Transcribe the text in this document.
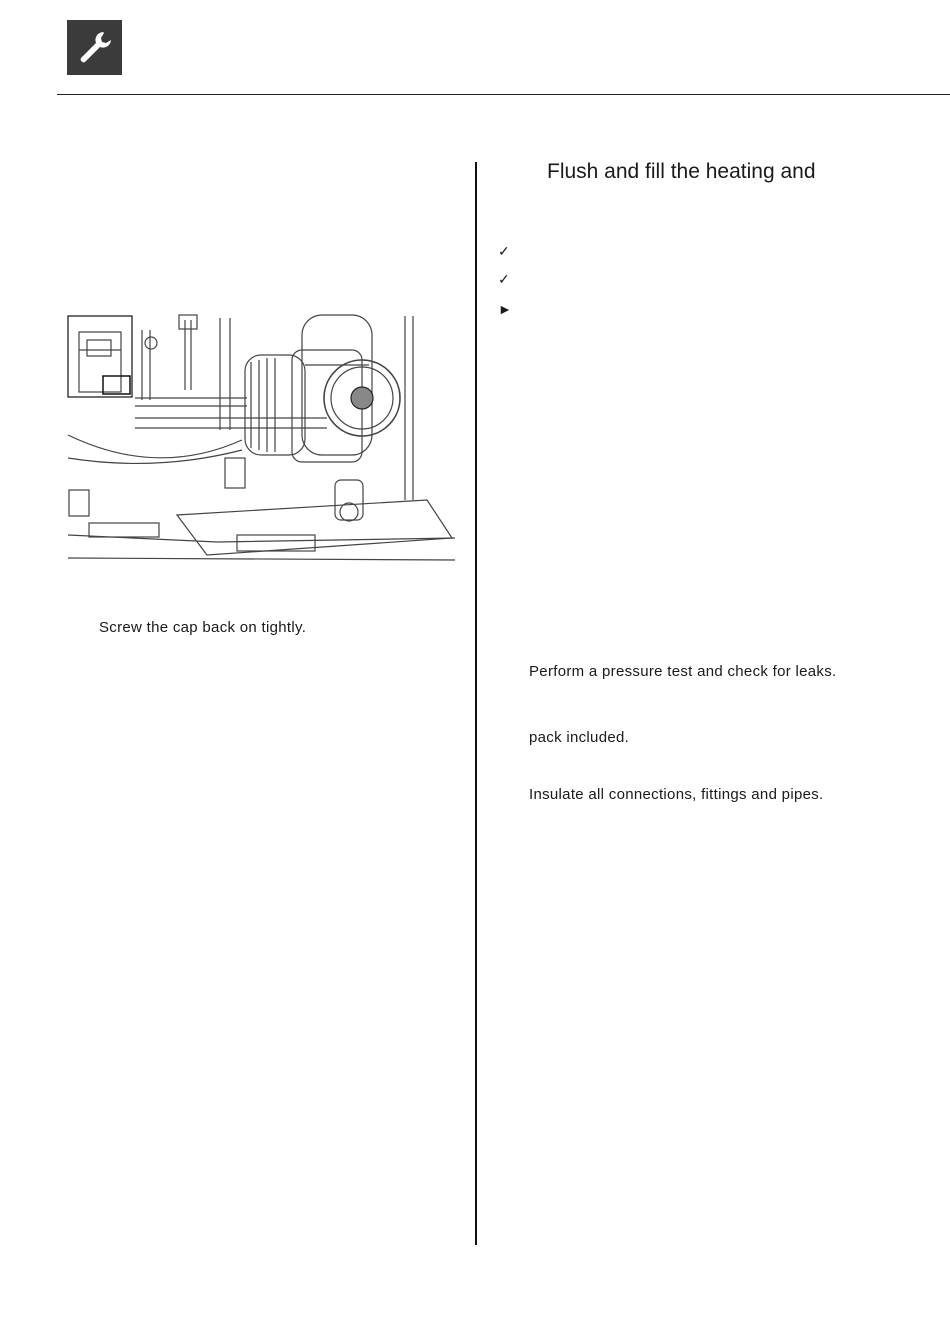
Screw the cap back on tightly.
Flush and fill the heating and
✓
✓
►
Perform a pressure test and check for leaks.
pack included.
Insulate all connections, fittings and pipes.
